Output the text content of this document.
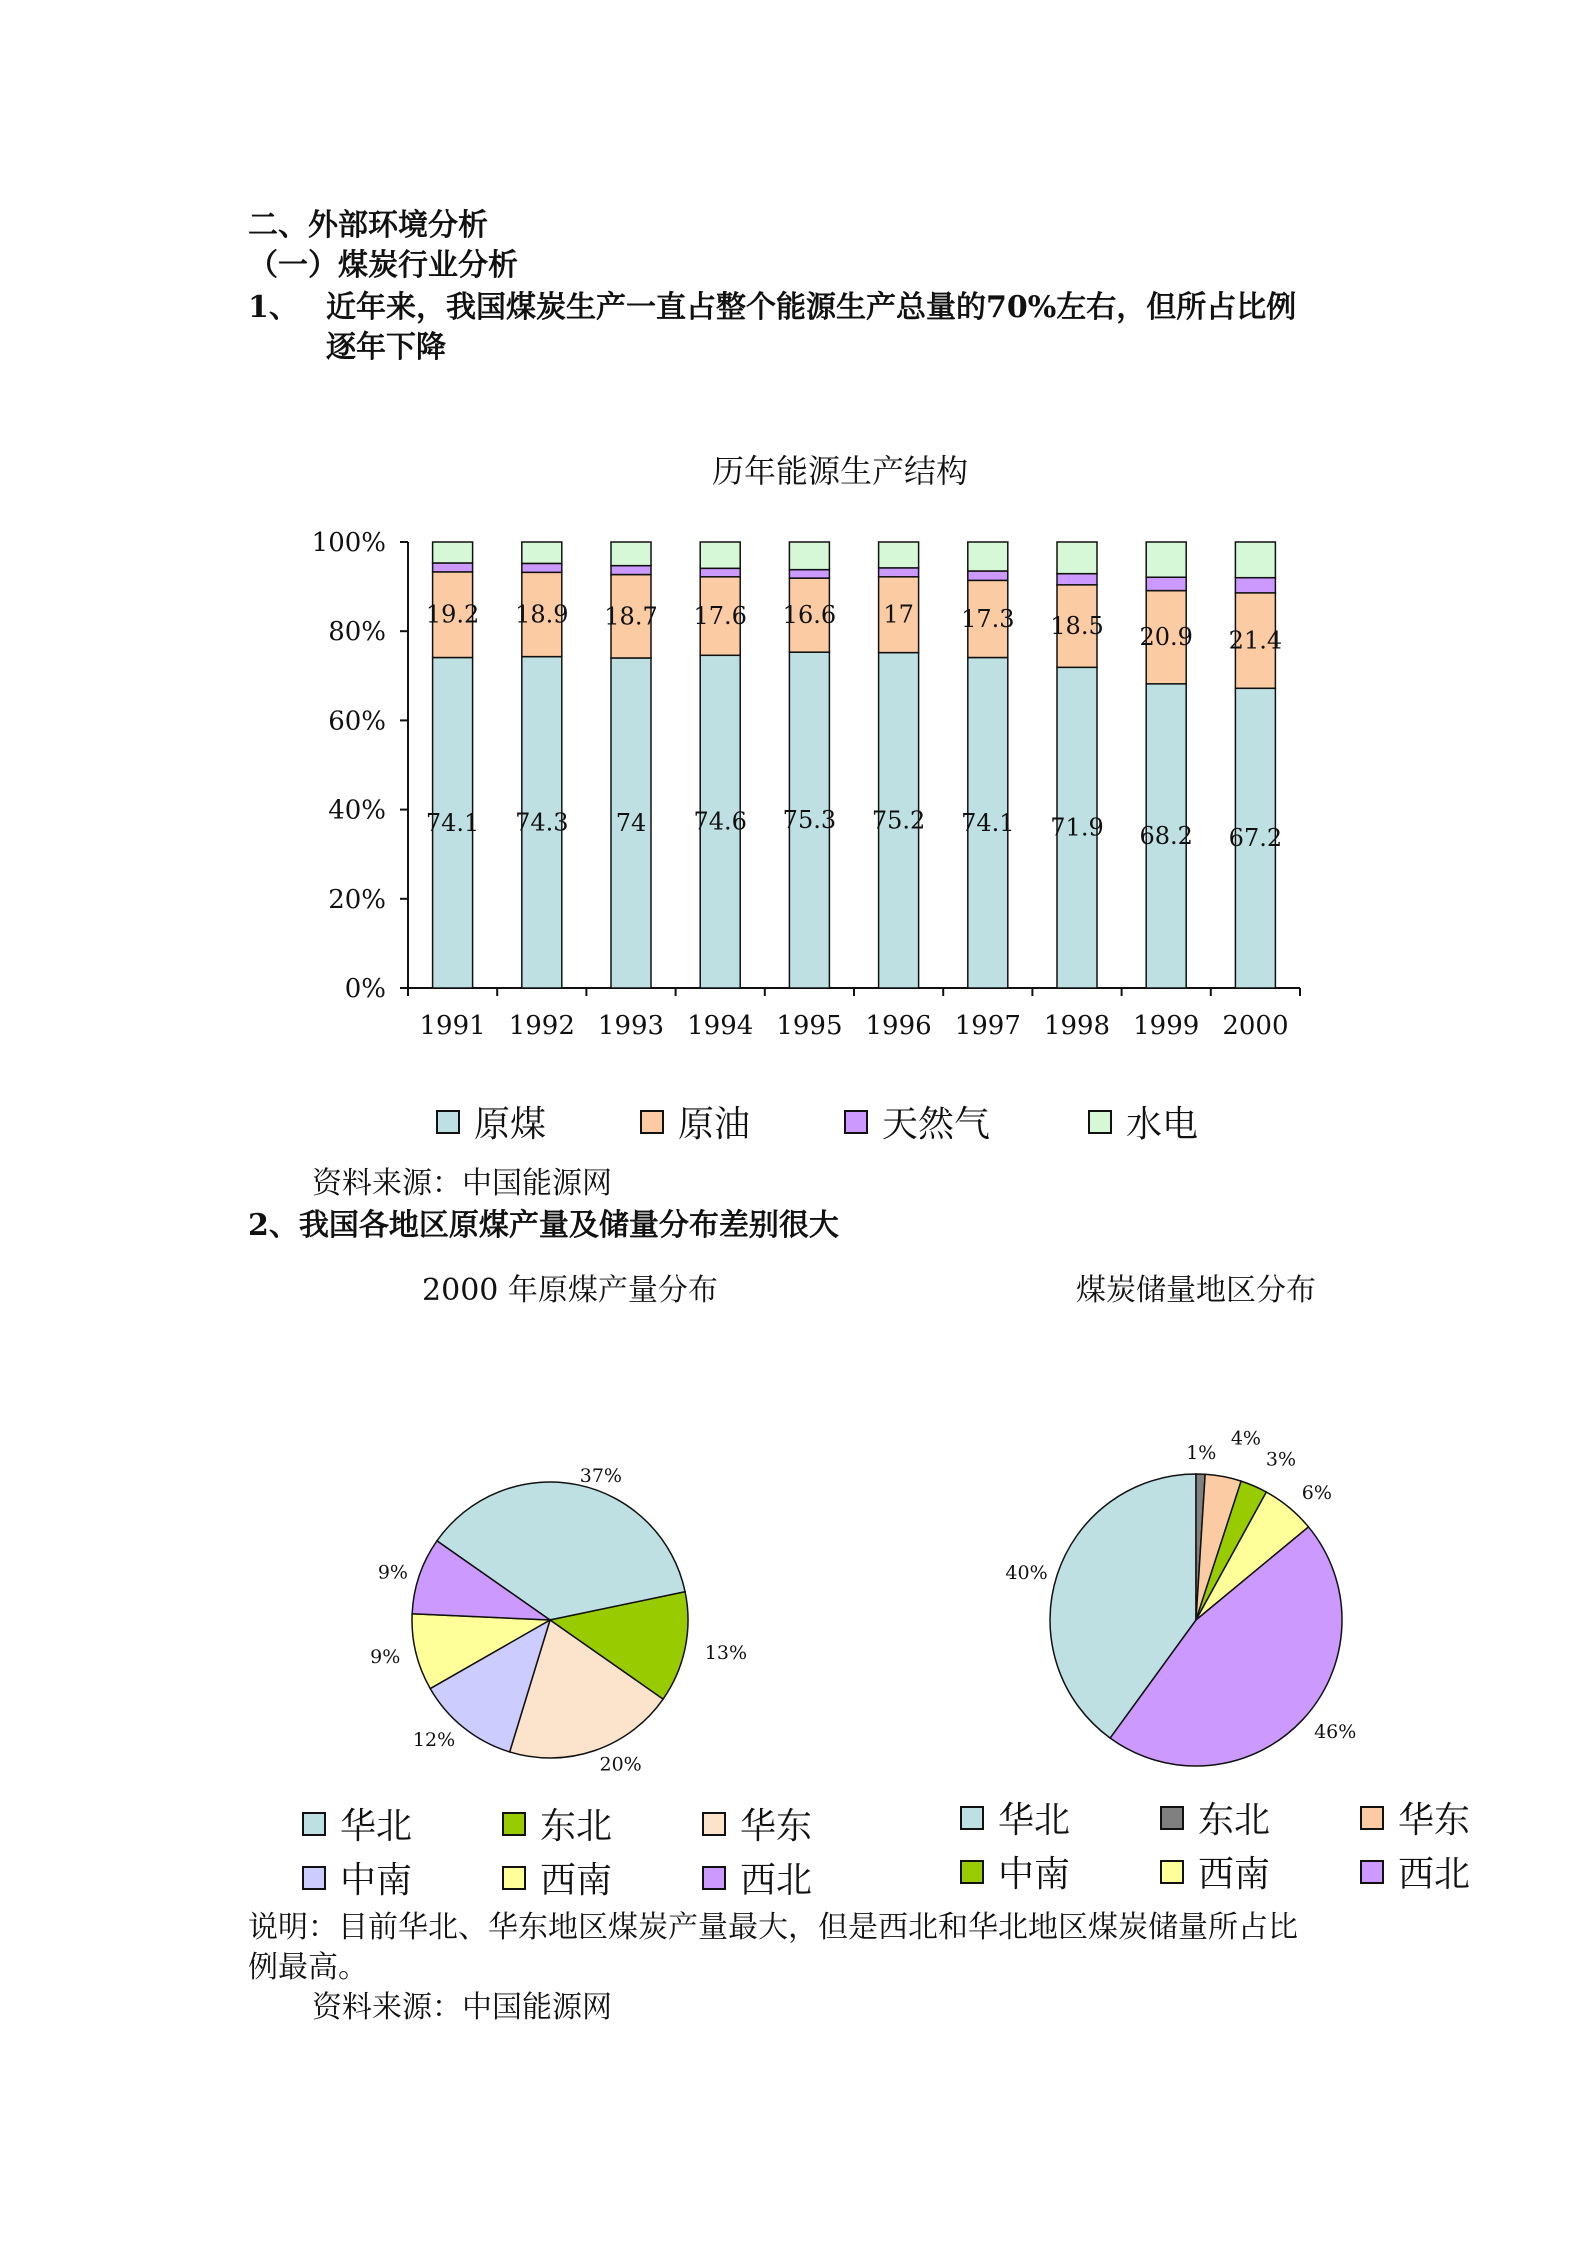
二、外部环境分析
（一）煤炭行业分析
1、 近年来，我国煤炭生产一直占整个能源生产总量的70%左右，但所占比例
逐年下降
历年能源生产结构
74.1
19.2
74.3
18.9
74
18.7
74.6
17.6
75.3
16.6
75.2
17
74.1
17.3
71.9
18.5
68.2
20.9
67.2
21.4
1991 1992 1993 1994 1995 1996 1997 1998 1999 2000
0%
20%
40%
60%
80%
100%
原煤	原油	天然气	水电
资料来源：中国能源网
2、我国各地区原煤产量及储量分布差别很大
2000 年原煤产量分布
37%
13%
20%
12%
9%
9%
煤炭储量地区分布
40%
1%
4%
3%
6%
46%
华北	东北	华东
中南	西南	西北
华北	东北	华东
中南	西南	西北
说明：目前华北、华东地区煤炭产量最大，但是西北和华北地区煤炭储量所占比
例最高。
资料来源：中国能源网
